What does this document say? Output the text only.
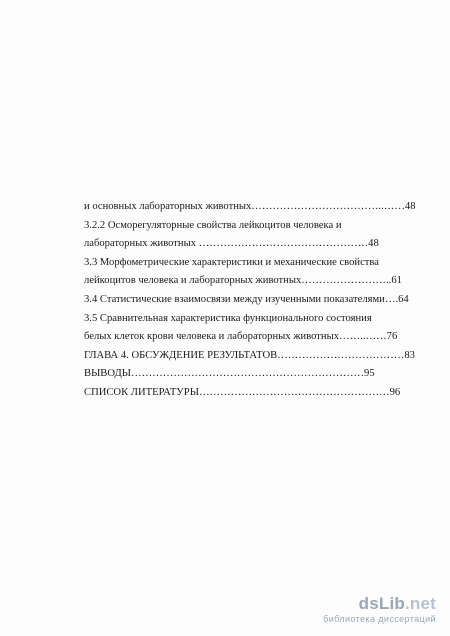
и основных лабораторных животных………………………………..……48
3.2.2 Осморегуляторные свойства лейкоцитов человека и
лабораторных животных …………………………………………48
3.3 Морфометрические характеристики и механические свойства
лейкоцитов человека и лабораторных животных……………………..61
3.4 Статистические взаимосвязи между изученными показателями….64
3.5 Сравнительная характеристика функционального состояния
белых клеток крови человека и лабораторных животных……..……76
ГЛАВА 4. ОБСУЖДЕНИЕ РЕЗУЛЬТАТОВ………………………………83
ВЫВОДЫ…………………………………………………………95
СПИСОК ЛИТЕРАТУРЫ………………………………………………96
dsLib.net
библиотека диссертаций
